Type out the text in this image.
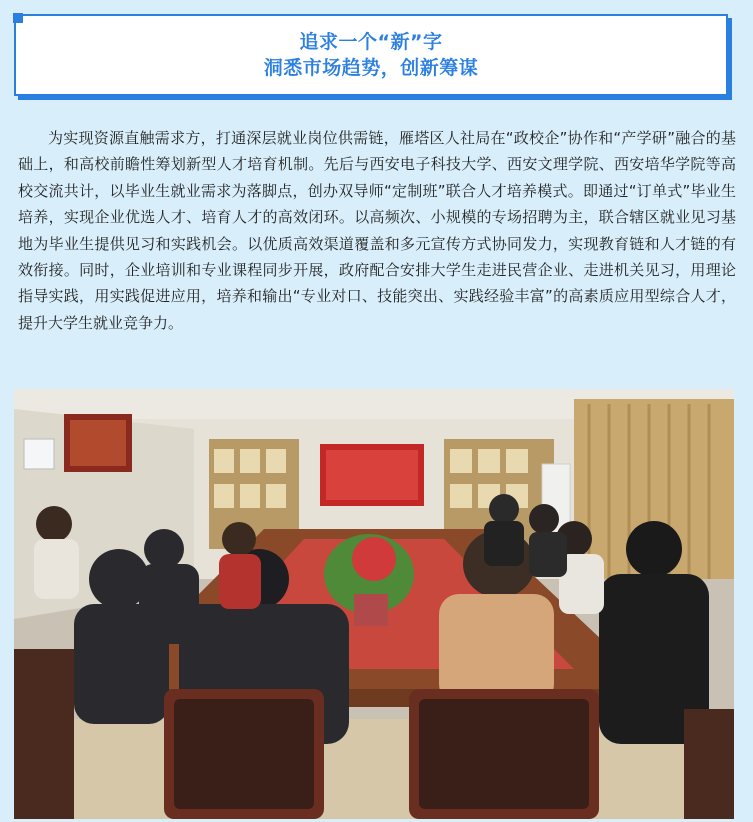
追求一个“新”字
洞悉市场趋势，创新筹谋

为实现资源直触需求方，打通深层就业岗位供需链，雁塔区人社局在“政校企”协作和“产学研”融合的基础上，和高校前瞻性筹划新型人才培育机制。先后与西安电子科技大学、西安文理学院、西安培华学院等高校交流共计，以毕业生就业需求为落脚点，创办双导师“定制班”联合人才培养模式。即通过“订单式”毕业生培养，实现企业优选人才、培育人才的高效闭环。以高频次、小规模的专场招聘为主，联合辖区就业见习基地为毕业生提供见习和实践机会。以优质高效渠道覆盖和多元宣传方式协同发力，实现教育链和人才链的有效衔接。同时，企业培训和专业课程同步开展，政府配合安排大学生走进民营企业、走进机关见习，用理论指导实践，用实践促进应用，培养和输出“专业对口、技能突出、实践经验丰富”的高素质应用型综合人才，提升大学生就业竞争力。
